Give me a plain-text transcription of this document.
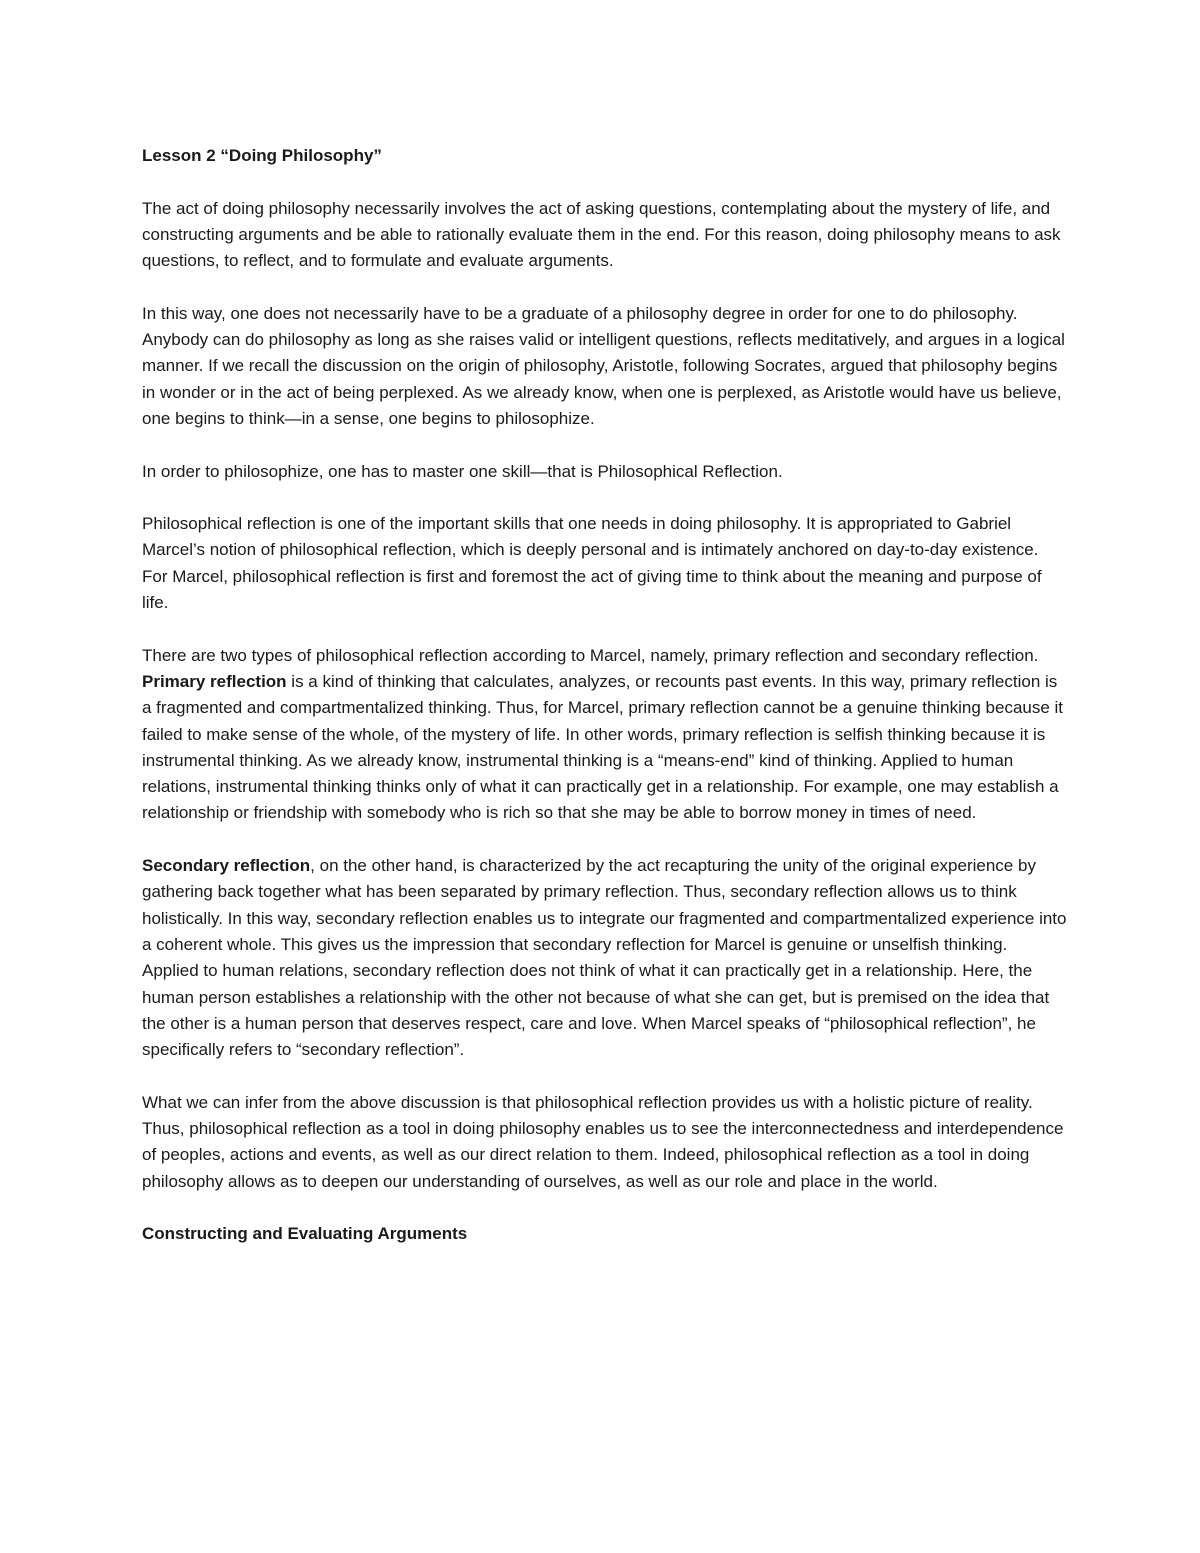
Lesson 2 “Doing Philosophy”

The act of doing philosophy necessarily involves the act of asking questions, contemplating about the mystery of life, and constructing arguments and be able to rationally evaluate them in the end. For this reason, doing philosophy means to ask questions, to reflect, and to formulate and evaluate arguments.

In this way, one does not necessarily have to be a graduate of a philosophy degree in order for one to do philosophy. Anybody can do philosophy as long as she raises valid or intelligent questions, reflects meditatively, and argues in a logical manner. If we recall the discussion on the origin of philosophy, Aristotle, following Socrates, argued that philosophy begins in wonder or in the act of being perplexed. As we already know, when one is perplexed, as Aristotle would have us believe, one begins to think—in a sense, one begins to philosophize.

In order to philosophize, one has to master one skill—that is Philosophical Reflection.

Philosophical reflection is one of the important skills that one needs in doing philosophy. It is appropriated to Gabriel Marcel’s notion of philosophical reflection, which is deeply personal and is intimately anchored on day-to-day existence. For Marcel, philosophical reflection is first and foremost the act of giving time to think about the meaning and purpose of life.

There are two types of philosophical reflection according to Marcel, namely, primary reflection and secondary reflection. Primary reflection is a kind of thinking that calculates, analyzes, or recounts past events. In this way, primary reflection is a fragmented and compartmentalized thinking. Thus, for Marcel, primary reflection cannot be a genuine thinking because it failed to make sense of the whole, of the mystery of life. In other words, primary reflection is selfish thinking because it is instrumental thinking. As we already know, instrumental thinking is a “means-end” kind of thinking. Applied to human relations, instrumental thinking thinks only of what it can practically get in a relationship. For example, one may establish a relationship or friendship with somebody who is rich so that she may be able to borrow money in times of need.

Secondary reflection, on the other hand, is characterized by the act recapturing the unity of the original experience by gathering back together what has been separated by primary reflection. Thus, secondary reflection allows us to think holistically. In this way, secondary reflection enables us to integrate our fragmented and compartmentalized experience into a coherent whole. This gives us the impression that secondary reflection for Marcel is genuine or unselfish thinking. Applied to human relations, secondary reflection does not think of what it can practically get in a relationship. Here, the human person establishes a relationship with the other not because of what she can get, but is premised on the idea that the other is a human person that deserves respect, care and love. When Marcel speaks of “philosophical reflection”, he specifically refers to “secondary reflection”.

What we can infer from the above discussion is that philosophical reflection provides us with a holistic picture of reality. Thus, philosophical reflection as a tool in doing philosophy enables us to see the interconnectedness and interdependence of peoples, actions and events, as well as our direct relation to them. Indeed, philosophical reflection as a tool in doing philosophy allows as to deepen our understanding of ourselves, as well as our role and place in the world.

Constructing and Evaluating Arguments
